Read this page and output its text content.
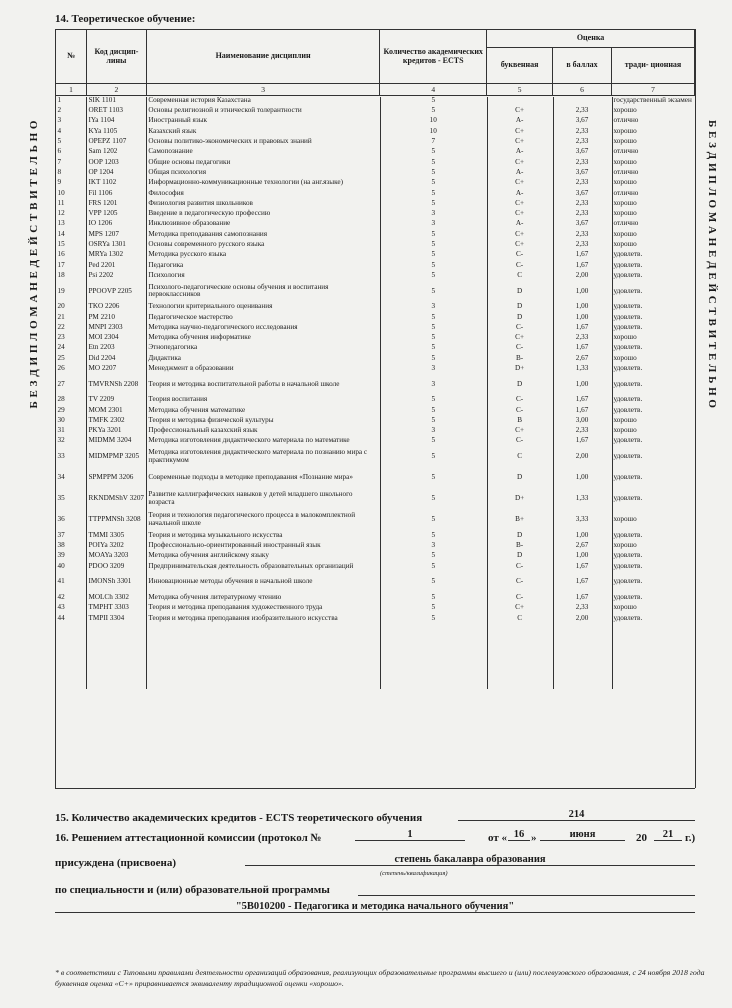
14. Теоретическое обучение:
Б Е З Д И П Л О М А Н Е Д Е Й С Т В И Т Е Л Ь Н О	Б Е З Д И П Л О М А Н Е Д Е Й С Т В И Т Е Л Ь Н О
№	Код дисцип- лины	Наименование дисциплин	Количество академических кредитов - ECTS	Оценка		
				буквенная	в баллах	тради- ционная
1	2	3	4	5	6	7
1	SIK 1101	Современная история Казахстана	5			государственный экзамен
2	ORET 1103	Основы религиозной и этнической толерантности	5	C+	2,33	хорошо
3	IYa 1104	Иностранный язык	10	A-	3,67	отлично
4	KYa 1105	Казахский язык	10	C+	2,33	хорошо
5	OPEPZ 1107	Основы политико-экономических и правовых знаний	7	C+	2,33	хорошо
6	Sam 1202	Самопознание	5	A-	3,67	отлично
7	OOP 1203	Общие основы педагогики	5	C+	2,33	хорошо
8	OP 1204	Общая психология	5	A-	3,67	отлично
9	IKT 1102	Информационно-коммуникационные технологии (на анг.языке)	5	C+	2,33	хорошо
10	Fil 1106	Философия	5	A-	3,67	отлично
11	FRS 1201	Физиология развития школьников	5	C+	2,33	хорошо
12	VPP 1205	Введение в педагогическую профессию	3	C+	2,33	хорошо
13	IO 1206	Инклюзивное образование	3	A-	3,67	отлично
14	MPS 1207	Методика преподавания самопознания	5	C+	2,33	хорошо
15	OSRYa 1301	Основы современного русского языка	5	C+	2,33	хорошо
16	MRYa 1302	Методика русского языка	5	C-	1,67	удовлетв.
17	Ped 2201	Педагогика	5	C-	1,67	удовлетв.
18	Psi 2202	Психология	5	C	2,00	удовлетв.
19	PPOOVP 2205	Психолого-педагогические основы обучения и воспитания первоклассников	5	D	1,00	удовлетв.
20	TKO 2206	Технологии критериального оценивания	3	D	1,00	удовлетв.
21	PM 2210	Педагогическое мастерство	5	D	1,00	удовлетв.
22	MNPI 2303	Методика научно-педагогического исследования	5	C-	1,67	удовлетв.
23	MOI 2304	Методика обучения информатике	5	C+	2,33	хорошо
24	Etn 2203	Этнопедагогика	5	C-	1,67	удовлетв.
25	Did 2204	Дидактика	5	B-	2,67	хорошо
26	MO 2207	Менеджмент в образовании	3	D+	1,33	удовлетв.
27	TMVRNSh 2208	Теория и методика воспитательной работы в начальной школе	3	D	1,00	удовлетв.
28	TV 2209	Теория воспитания	5	C-	1,67	удовлетв.
29	MOM 2301	Методика обучения математике	5	C-	1,67	удовлетв.
30	TMFK 2302	Теория и методика физической культуры	5	B	3,00	хорошо
31	PKYa 3201	Профессиональный казахский язык	3	C+	2,33	хорошо
32	MIDMM 3204	Методика изготовления дидактического материала по математике	5	C-	1,67	удовлетв.
33	MIDMPMP 3205	Методика изготовления дидактического материала по познанию мира с практикумом	5	C	2,00	удовлетв.
34	SPMPPM 3206	Современные подходы в методике преподавания «Познание мира»	5	D	1,00	удовлетв.
35	RKNDMShV 3207	Развитие каллиграфических навыков у детей младшего школьного возраста	5	D+	1,33	удовлетв.
36	TTPPMNSh 3208	Теория и технология педагогического процесса в малокомплектной начальной школе	5	B+	3,33	хорошо
37	TMMI 3305	Теория и методика музыкального искусства	5	D	1,00	удовлетв.
38	POIYa 3202	Профессионально-ориентированный иностранный язык	3	B-	2,67	хорошо
39	MOAYa 3203	Методика обучения английскому языку	5	D	1,00	удовлетв.
40	PDOO 3209	Предпринимательская деятельность образовательных организаций	5	C-	1,67	удовлетв.
41	IMONSh 3301	Инновационные методы обучения в начальной школе	5	C-	1,67	удовлетв.
42	MOLCh 3302	Методика обучения литературному чтению	5	C-	1,67	удовлетв.
43	TMPHT 3303	Теория и методика преподавания художественного труда	5	C+	2,33	хорошо
44	TMPII 3304	Теория и методика преподавания изобразительного искусства	5	C	2,00	удовлетв.
15. Количество академических кредитов - ECTS теоретического обучения	214
16. Решением аттестационной комиссии (протокол №	1	от « 16 »	июня	20	21	г.)
присуждена (присвоена)	степень бакалавра образования
(степень/квалификация)
по специальности и (или) образовательной программы
"5В010200 - Педагогика и методика начального обучения"
* в соответствии с Типовыми правилами деятельности организаций образования, реализующих образовательные программы высшего и (или) послевузовского образования, с 24 ноября 2018 года буквенная оценка «С+» приравнивается эквиваленту традиционной оценки «хорошо».
